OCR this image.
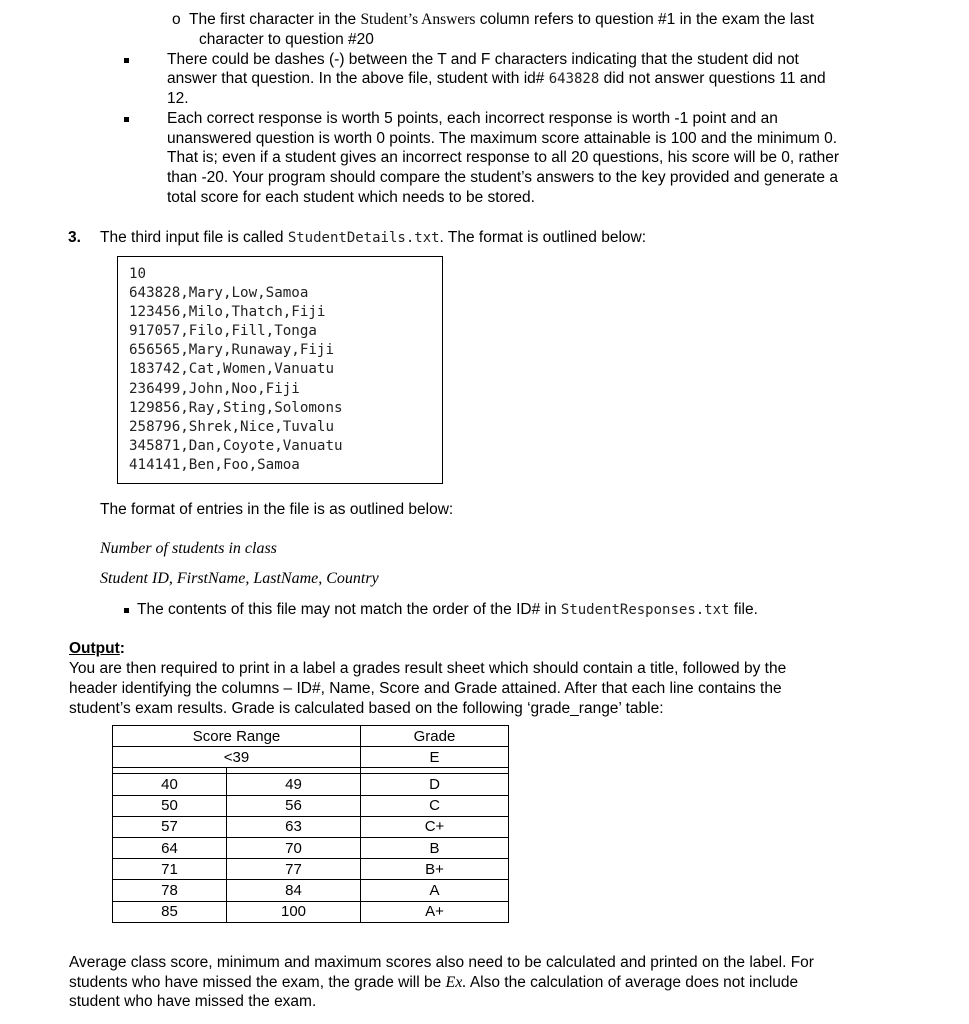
o The first character in the Student’s Answers column refers to question #1 in the exam the last
character to question #20
There could be dashes (-) between the T and F characters indicating that the student did not
answer that question. In the above file, student with id# 643828 did not answer questions 11 and
12.
Each correct response is worth 5 points, each incorrect response is worth -1 point and an
unanswered question is worth 0 points. The maximum score attainable is 100 and the minimum 0.
That is; even if a student gives an incorrect response to all 20 questions, his score will be 0, rather
than -20. Your program should compare the student’s answers to the key provided and generate a
total score for each student which needs to be stored.
3. The third input file is called StudentDetails.txt. The format is outlined below:
10
643828,Mary,Low,Samoa
123456,Milo,Thatch,Fiji
917057,Filo,Fill,Tonga
656565,Mary,Runaway,Fiji
183742,Cat,Women,Vanuatu
236499,John,Noo,Fiji
129856,Ray,Sting,Solomons
258796,Shrek,Nice,Tuvalu
345871,Dan,Coyote,Vanuatu
414141,Ben,Foo,Samoa
The format of entries in the file is as outlined below:
Number of students in class
Student ID, FirstName, LastName, Country
The contents of this file may not match the order of the ID# in StudentResponses.txt file.
Output:
You are then required to print in a label a grades result sheet which should contain a title, followed by the
header identifying the columns – ID#, Name, Score and Grade attained. After that each line contains the
student’s exam results. Grade is calculated based on the following ‘grade_range’ table:
Score Range		Grade
<39		E

40	49	D
50	56	C
57	63	C+
64	70	B
71	77	B+
78	84	A
85	100	A+
Average class score, minimum and maximum scores also need to be calculated and printed on the label. For
students who have missed the exam, the grade will be Ex. Also the calculation of average does not include
student who have missed the exam.
